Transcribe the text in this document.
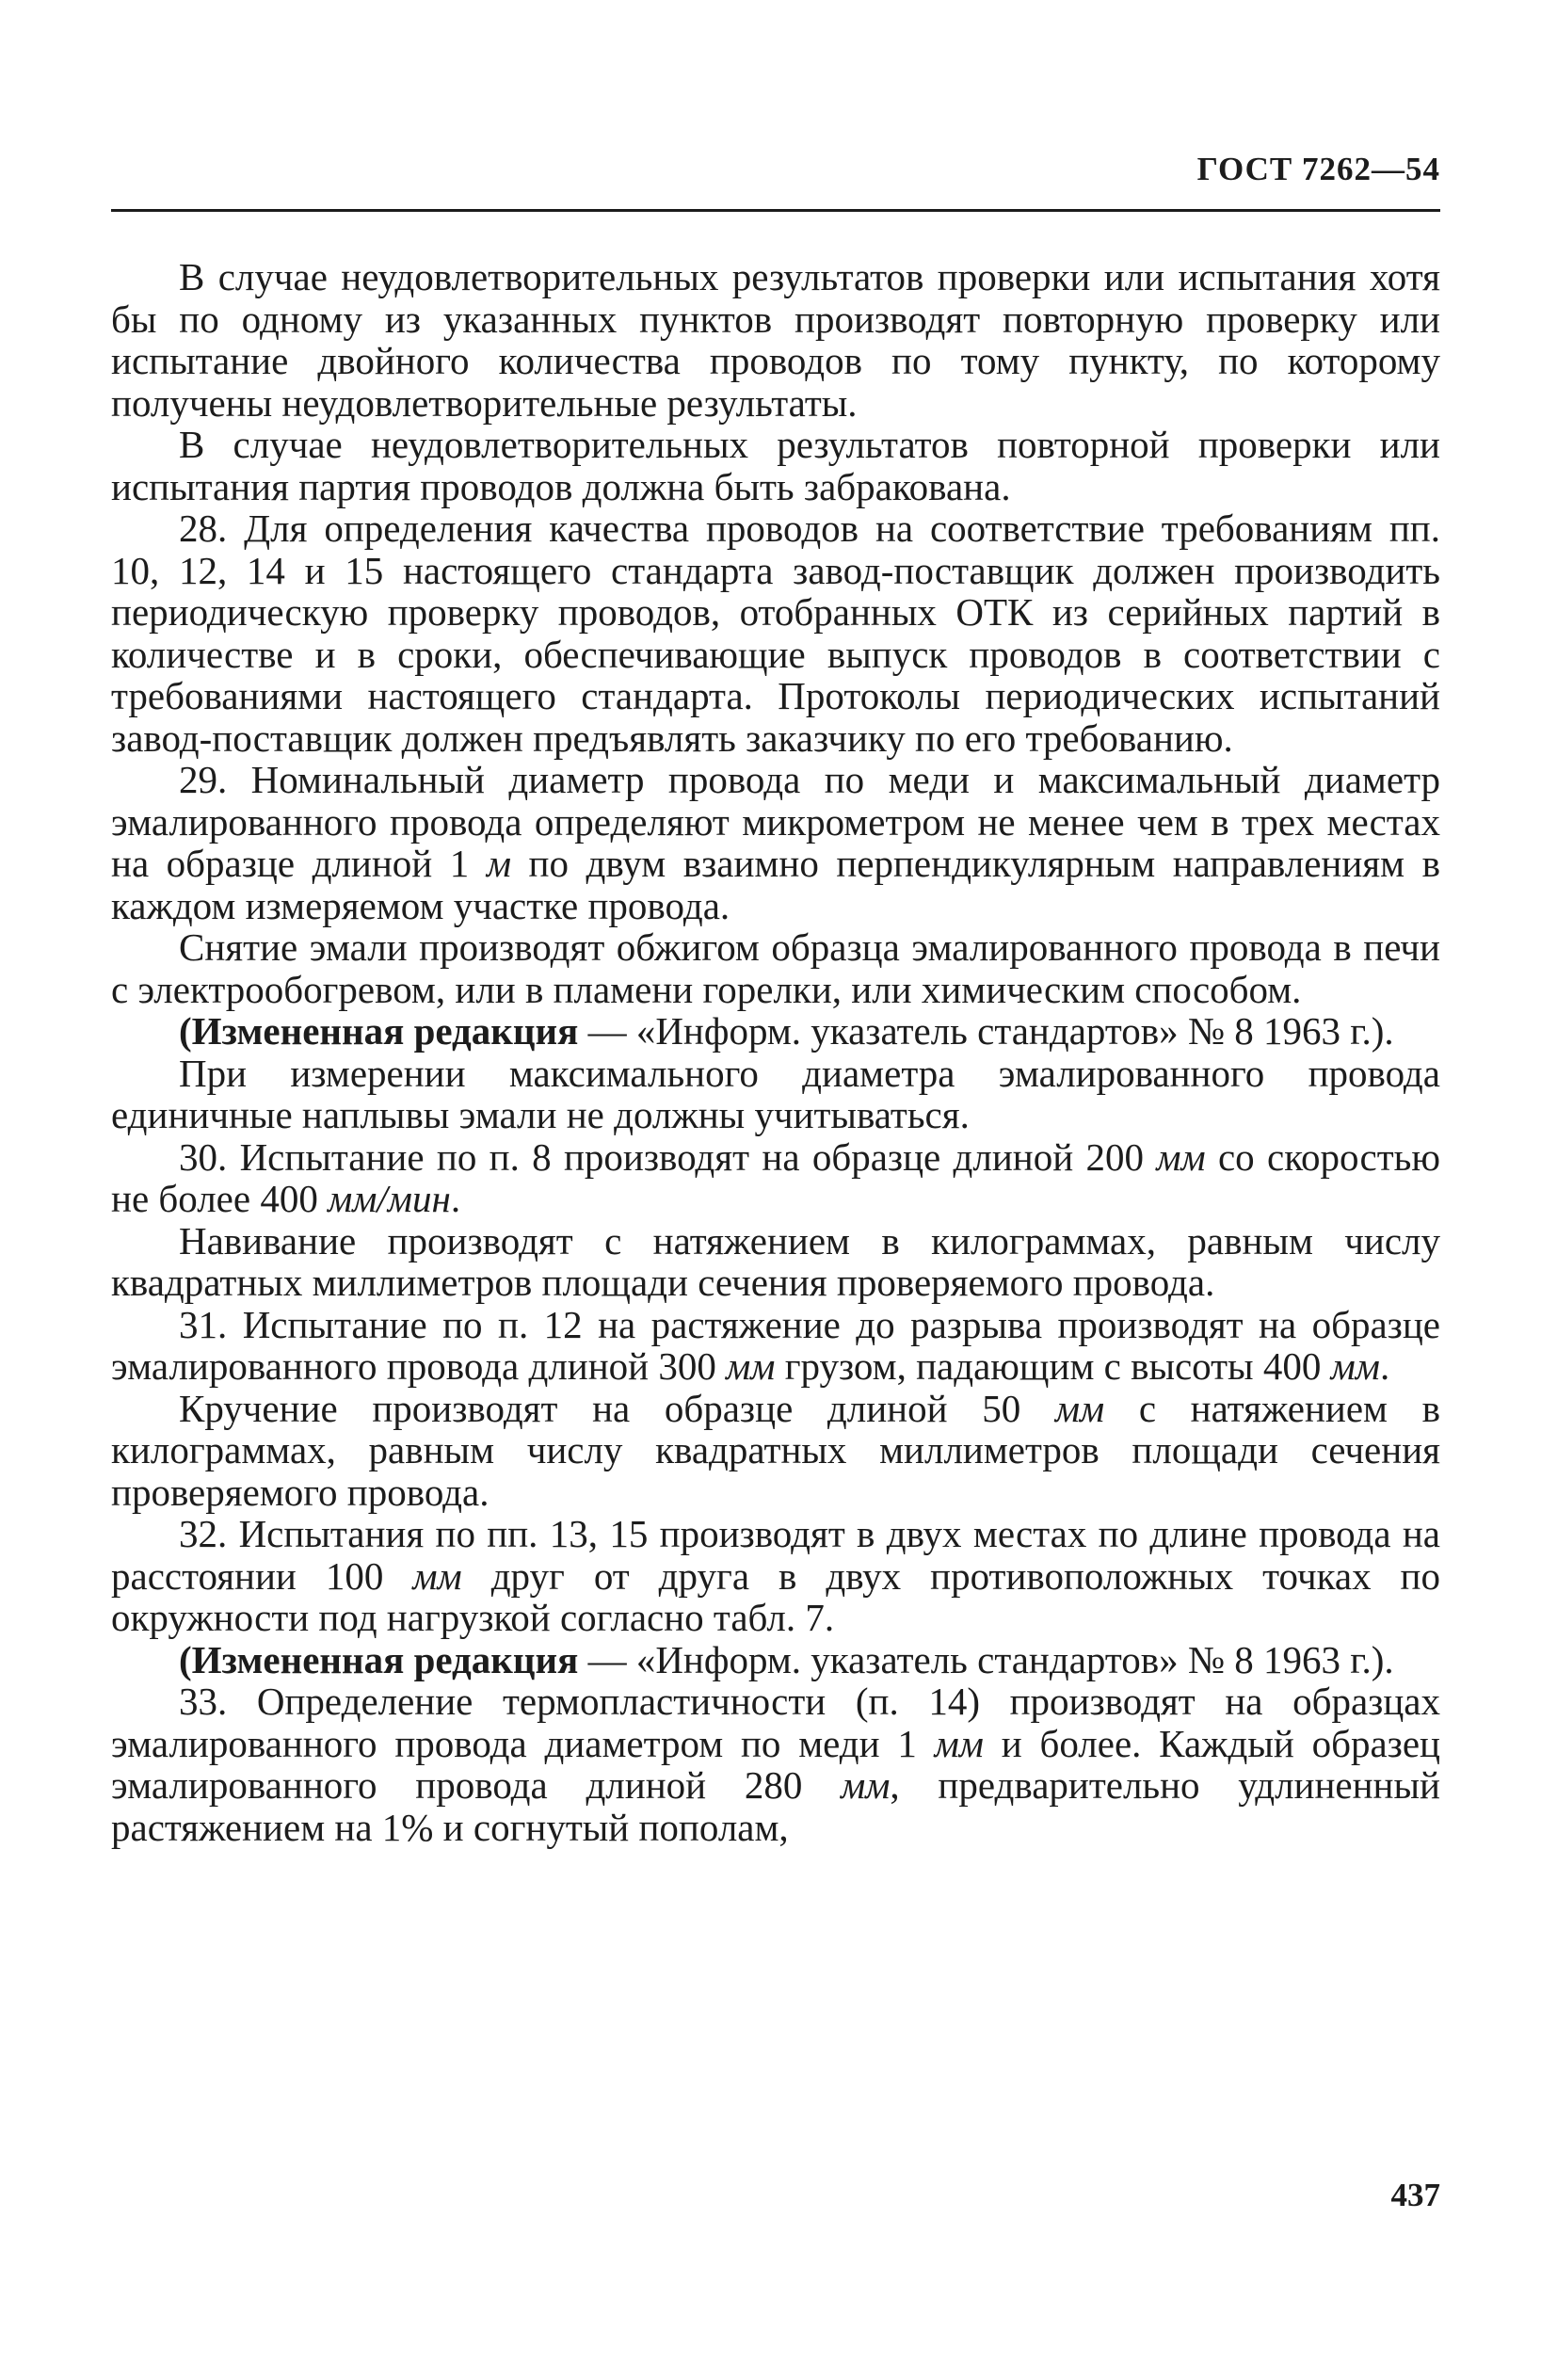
ГОСТ 7262—54

В случае неудовлетворительных результатов проверки или испытания хотя бы по одному из указанных пунктов производят повторную проверку или испытание двойного количества проводов по тому пункту, по которому получены неудовлетворительные результаты.

В случае неудовлетворительных результатов повторной проверки или испытания партия проводов должна быть забракована.

28. Для определения качества проводов на соответствие требованиям пп. 10, 12, 14 и 15 настоящего стандарта завод-поставщик должен производить периодическую проверку проводов, отобранных ОТК из серийных партий в количестве и в сроки, обеспечивающие выпуск проводов в соответствии с требованиями настоящего стандарта. Протоколы периодических испытаний завод-поставщик должен предъявлять заказчику по его требованию.

29. Номинальный диаметр провода по меди и максимальный диаметр эмалированного провода определяют микрометром не менее чем в трех местах на образце длиной 1 м по двум взаимно перпендикулярным направлениям в каждом измеряемом участке провода.

Снятие эмали производят обжигом образца эмалированного провода в печи с электрообогревом, или в пламени горелки, или химическим способом.

(Измененная редакция — «Информ. указатель стандартов» № 8 1963 г.).

При измерении максимального диаметра эмалированного провода единичные наплывы эмали не должны учитываться.

30. Испытание по п. 8 производят на образце длиной 200 мм со скоростью не более 400 мм/мин.

Навивание производят с натяжением в килограммах, равным числу квадратных миллиметров площади сечения проверяемого провода.

31. Испытание по п. 12 на растяжение до разрыва производят на образце эмалированного провода длиной 300 мм грузом, падающим с высоты 400 мм.

Кручение производят на образце длиной 50 мм с натяжением в килограммах, равным числу квадратных миллиметров площади сечения проверяемого провода.

32. Испытания по пп. 13, 15 производят в двух местах по длине провода на расстоянии 100 мм друг от друга в двух противоположных точках по окружности под нагрузкой согласно табл. 7.

(Измененная редакция — «Информ. указатель стандартов» № 8 1963 г.).

33. Определение термопластичности (п. 14) производят на образцах эмалированного провода диаметром по меди 1 мм и более. Каждый образец эмалированного провода длиной 280 мм, предварительно удлиненный растяжением на 1% и согнутый пополам,

437
